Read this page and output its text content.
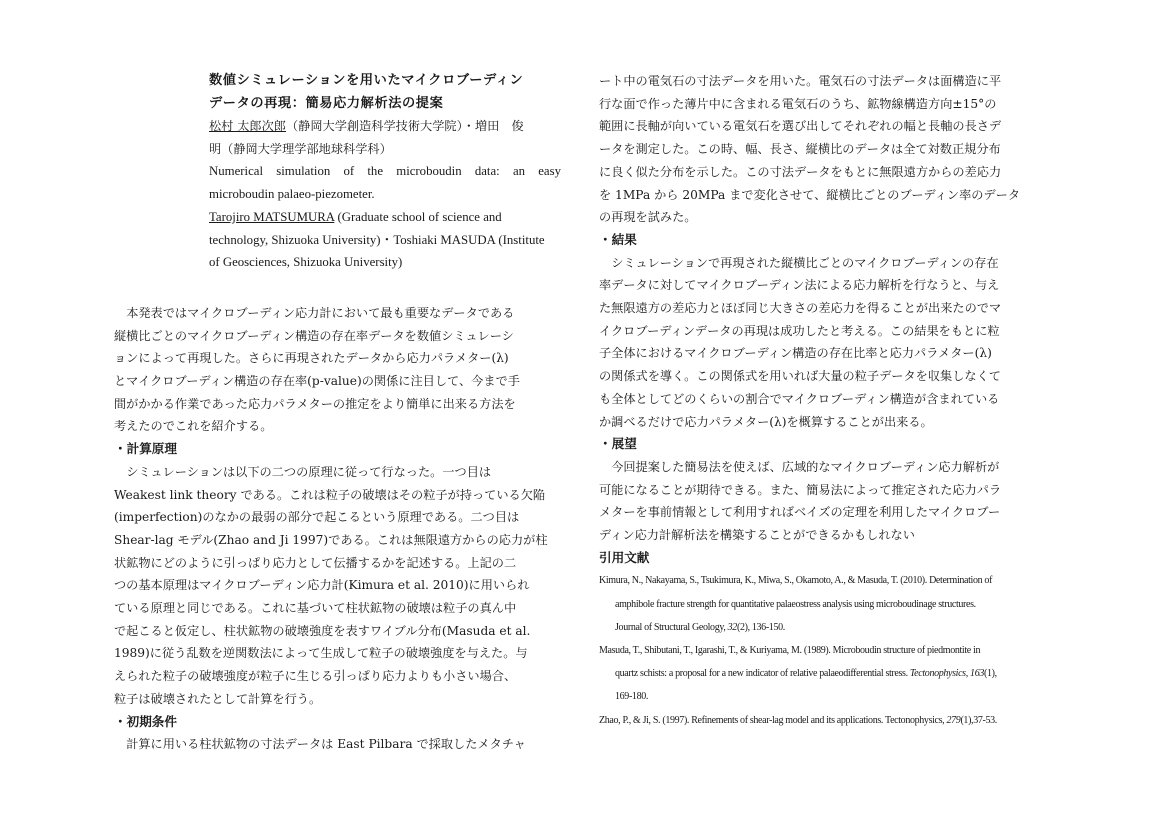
数値シミュレーションを用いたマイクロブーディン

データの再現：簡易応力解析法の提案

松村 太郎次郎（静岡大学創造科学技術大学院）・増田　俊
明（静岡大学理学部地球科学科）

Numerical simulation of the microboudin data: an easy
microboudin palaeo-piezometer.

Tarojiro MATSUMURA (Graduate school of science and
technology, Shizuoka University)・Toshiaki MASUDA (Institute
of Geosciences, Shizuoka University)

本発表ではマイクロブーディン応力計において最も重要なデータである
縦横比ごとのマイクロブーディン構造の存在率データを数値シミュレーシ
ョンによって再現した。さらに再現されたデータから応力パラメター(λ)
とマイクロブーディン構造の存在率(p-value)の関係に注目して、今まで手
間がかかる作業であった応力パラメターの推定をより簡単に出来る方法を
考えたのでこれを紹介する。

・計算原理

シミュレーションは以下の二つの原理に従って行なった。一つ目は
Weakest link theory である。これは粒子の破壊はその粒子が持っている欠陥
(imperfection)のなかの最弱の部分で起こるという原理である。二つ目は
Shear-lag モデル(Zhao and Ji 1997)である。これは無限遠方からの応力が柱
状鉱物にどのように引っぱり応力として伝播するかを記述する。上記の二
つの基本原理はマイクロブーディン応力計(Kimura et al. 2010)に用いられ
ている原理と同じである。これに基づいて柱状鉱物の破壊は粒子の真ん中
で起こると仮定し、柱状鉱物の破壊強度を表すワイブル分布(Masuda et al.
1989)に従う乱数を逆関数法によって生成して粒子の破壊強度を与えた。与
えられた粒子の破壊強度が粒子に生じる引っぱり応力よりも小さい場合、
粒子は破壊されたとして計算を行う。

・初期条件

計算に用いる柱状鉱物の寸法データは East Pilbara で採取したメタチャ
ート中の電気石の寸法データを用いた。電気石の寸法データは面構造に平
行な面で作った薄片中に含まれる電気石のうち、鉱物線構造方向±15°の
範囲に長軸が向いている電気石を選び出してそれぞれの幅と長軸の長さデ
ータを測定した。この時、幅、長さ、縦横比のデータは全て対数正規分布
に良く似た分布を示した。この寸法データをもとに無限遠方からの差応力
を 1MPa から 20MPa まで変化させて、縦横比ごとのブーディン率のデータ
の再現を試みた。

・結果

シミュレーションで再現された縦横比ごとのマイクロブーディンの存在
率データに対してマイクロブーディン法による応力解析を行なうと、与え
た無限遠方の差応力とほぼ同じ大きさの差応力を得ることが出来たのでマ
イクロブーディンデータの再現は成功したと考える。この結果をもとに粒
子全体におけるマイクロブーディン構造の存在比率と応力パラメター(λ)
の関係式を導く。この関係式を用いれば大量の粒子データを収集しなくて
も全体としてどのくらいの割合でマイクロブーディン構造が含まれている
か調べるだけで応力パラメター(λ)を概算することが出来る。

・展望

今回提案した簡易法を使えば、広域的なマイクロブーディン応力解析が
可能になることが期待できる。また、簡易法によって推定された応力パラ
メターを事前情報として利用すればベイズの定理を利用したマイクロブー
ディン応力計解析法を構築することができるかもしれない

引用文献

Kimura, N., Nakayama, S., Tsukimura, K., Miwa, S., Okamoto, A., & Masuda, T. (2010). Determination of
amphibole fracture strength for quantitative palaeostress analysis using microboudinage structures.
Journal of Structural Geology, 32(2), 136-150.
Masuda, T., Shibutani, T., Igarashi, T., & Kuriyama, M. (1989). Microboudin structure of piedmontite in
quartz schists: a proposal for a new indicator of relative palaeodifferential stress. Tectonophysics, 163(1),
169-180.
Zhao, P., & Ji, S. (1997). Refinements of shear-lag model and its applications. Tectonophysics, 279(1),37-53.
